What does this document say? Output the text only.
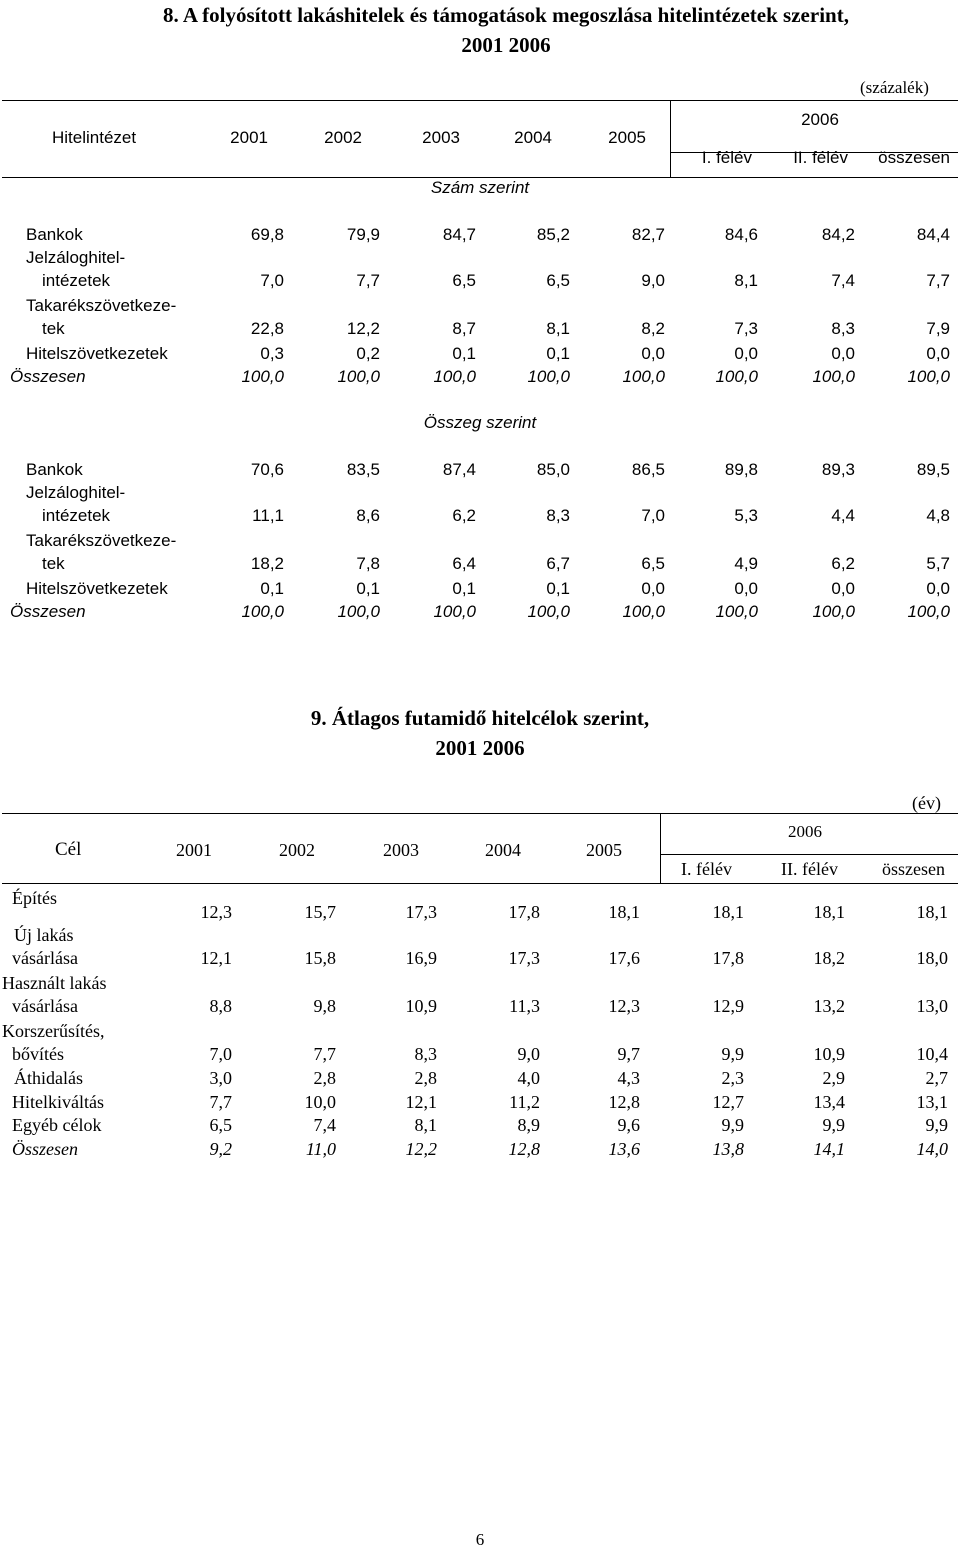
8. A folyósított lakáshitelek és támogatások megoszlása hitelintézetek szerint,
2001 2006
(százalék)
Hitelintézet	2001	2002	2003	2004	2005
2006
I. félév	II. félév	összesen
Szám szerint
Bankok	69,8	79,9	84,7	85,2	82,7	84,6	84,2	84,4
Jelzáloghitel-
intézetek	7,0	7,7	6,5	6,5	9,0	8,1	7,4	7,7
Takarékszövetkeze-
tek	22,8	12,2	8,7	8,1	8,2	7,3	8,3	7,9
Hitelszövetkezetek	0,3	0,2	0,1	0,1	0,0	0,0	0,0	0,0
Összesen	100,0	100,0	100,0	100,0	100,0	100,0	100,0	100,0
Összeg szerint
Bankok	70,6	83,5	87,4	85,0	86,5	89,8	89,3	89,5
Jelzáloghitel-
intézetek	11,1	8,6	6,2	8,3	7,0	5,3	4,4	4,8
Takarékszövetkeze-
tek	18,2	7,8	6,4	6,7	6,5	4,9	6,2	5,7
Hitelszövetkezetek	0,1	0,1	0,1	0,1	0,0	0,0	0,0	0,0
Összesen	100,0	100,0	100,0	100,0	100,0	100,0	100,0	100,0
9. Átlagos futamidő hitelcélok szerint,
2001 2006
(év)
Cél	2001	2002	2003	2004	2005
2006
I. félév	II. félév	összesen
Építés
12,3	15,7	17,3	17,8	18,1	18,1	18,1	18,1
Új lakás
vásárlása	12,1	15,8	16,9	17,3	17,6	17,8	18,2	18,0
Használt lakás
vásárlása	8,8	9,8	10,9	11,3	12,3	12,9	13,2	13,0
Korszerűsítés,
bővítés	7,0	7,7	8,3	9,0	9,7	9,9	10,9	10,4
Áthidalás	3,0	2,8	2,8	4,0	4,3	2,3	2,9	2,7
Hitelkiváltás	7,7	10,0	12,1	11,2	12,8	12,7	13,4	13,1
Egyéb célok	6,5	7,4	8,1	8,9	9,6	9,9	9,9	9,9
Összesen	9,2	11,0	12,2	12,8	13,6	13,8	14,1	14,0
6
